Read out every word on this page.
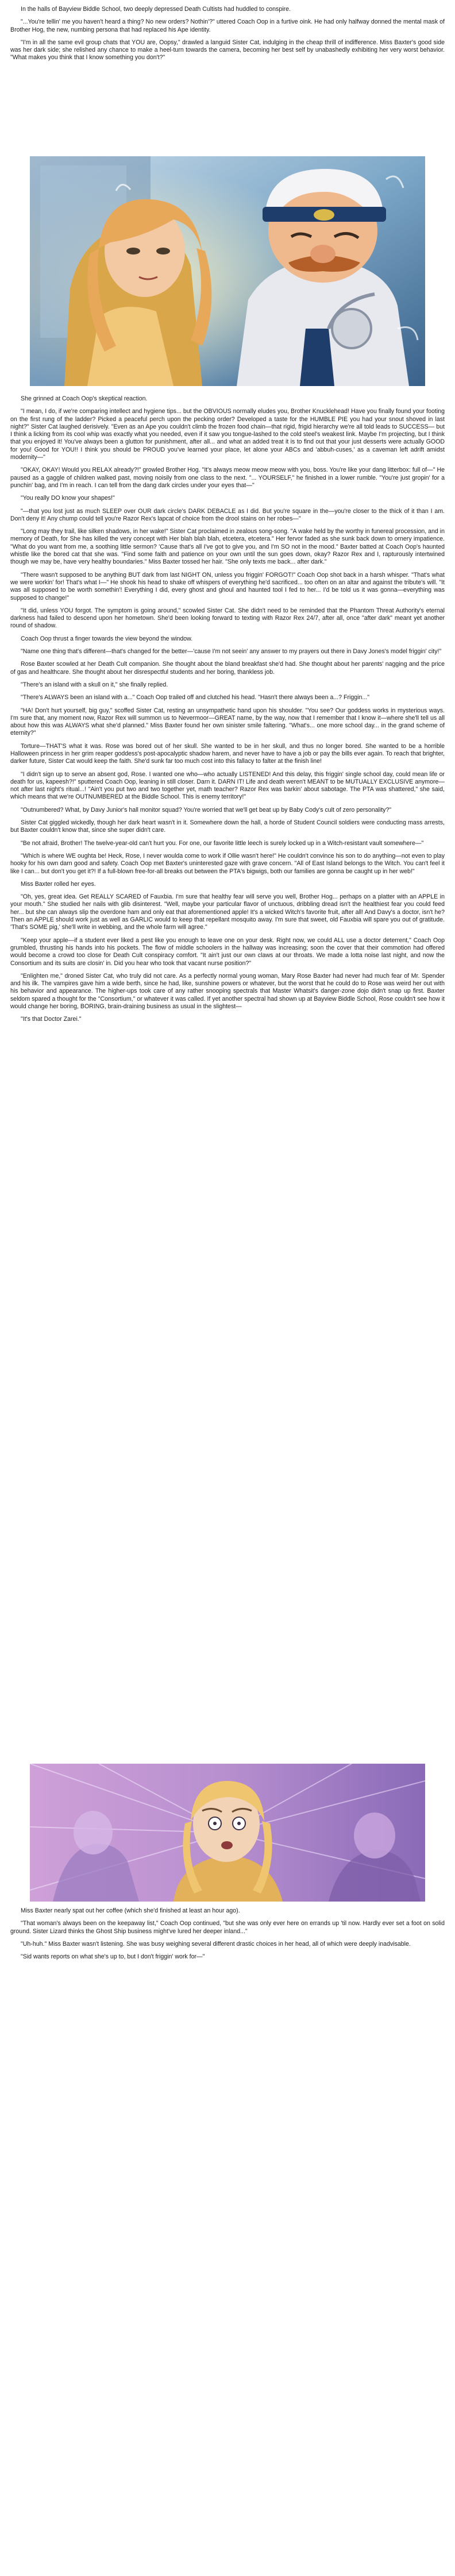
In the halls of Bayview Biddle School, two deeply depressed Death Cultists had huddled to conspire.

"...You're tellin' me you haven't heard a thing? No new orders? Nothin'?" uttered Coach Oop in a furtive oink. He had only halfway donned the mental mask of Brother Hog, the new, numbing persona that had replaced his Ape identity.

"I'm in all the same evil group chats that YOU are, Oopsy," drawled a languid Sister Cat, indulging in the cheap thrill of indifference. Miss Baxter's good side was her dark side; she relished any chance to make a heel-turn towards the camera, becoming her best self by unabashedly exhibiting her very worst behavior. "What makes you think that I know something you don't?"

She grinned at Coach Oop's skeptical reaction.

"I mean, I do, if we're comparing intellect and hygiene tips... but the OBVIOUS normally eludes you, Brother Knucklehead! Have you finally found your footing on the first rung of the ladder? Picked a peaceful perch upon the pecking order? Developed a taste for the HUMBLE PIE you had your snout shoved in last night?" Sister Cat laughed derisively. "Even as an Ape you couldn't climb the frozen food chain—that rigid, frigid hierarchy we're all told leads to SUCCESS— but I think a licking from its cool whip was exactly what you needed, even if it saw you tongue-lashed to the cold steel's weakest link. Maybe I'm projecting, but I think that you enjoyed it! You've always been a glutton for punishment, after all... and what an added treat it is to find out that your just desserts were actually GOOD for you! Good for YOU!! I think you should be PROUD you've learned your place, let alone your ABCs and 'abbuh-cuses,' as a caveman left adrift amidst modernity—"

"OKAY, OKAY! Would you RELAX already?!" growled Brother Hog. "It's always meow meow meow with you, boss. You're like your dang litterbox: full of—" He paused as a gaggle of children walked past, moving noisily from one class to the next. "... YOURSELF," he finished in a lower rumble. "You're just gropin' for a punchin' bag, and I'm in reach. I can tell from the dang dark circles under your eyes that—"

"You really DO know your shapes!"

"—that you lost just as much SLEEP over OUR dark circle's DARK DEBACLE as I did. But you're square in the—you're closer to the thick of it than I am. Don't deny it! Any chump could tell you're Razor Rex's lapcat of choice from the drool stains on her robes—"

"Long may they trail, like silken shadows, in her wake!" Sister Cat proclaimed in zealous song-song. "A wake held by the worthy in funereal procession, and in memory of Death, for She has killed the very concept with Her blah blah blah, etcetera, etcetera." Her fervor faded as she sunk back down to ornery impatience. "What do you want from me, a soothing little sermon? 'Cause that's all I've got to give you, and I'm SO not in the mood." Baxter batted at Coach Oop's haunted whistle like the bored cat that she was. "Find some faith and patience on your own until the sun goes down, okay? Razor Rex and I, rapturously intertwined though we may be, have very healthy boundaries." Miss Baxter tossed her hair. "She only texts me back... after dark."

"There wasn't supposed to be anything BUT dark from last NIGHT ON, unless you friggin' FORGOT!" Coach Oop shot back in a harsh whisper. "That's what we were workin' for! That's what I—" He shook his head to shake off whispers of everything he'd sacrificed... too often on an altar and against the tribute's will. "It was all supposed to be worth somethin'! Everything I did, every ghost and ghoul and haunted tool I fed to her... I'd be told us it was gonna—everything was supposed to change!"

"It did, unless YOU forgot. The symptom is going around," scowled Sister Cat. She didn't need to be reminded that the Phantom Threat Authority's eternal darkness had failed to descend upon her hometown. She'd been looking forward to texting with Razor Rex 24/7, after all, once "after dark" meant yet another round of shadow.

Coach Oop thrust a finger towards the view beyond the window.

"Name one thing that's different—that's changed for the better—'cause I'm not seein' any answer to my prayers out there in Davy Jones's model friggin' city!"

Rose Baxter scowled at her Death Cult companion. She thought about the bland breakfast she'd had. She thought about her parents' nagging and the price of gas and healthcare. She thought about her disrespectful students and her boring, thankless job.

"There's an island with a skull on it," she finally replied.

"There's ALWAYS been an island with a..." Coach Oop trailed off and clutched his head. "Hasn't there always been a...? Friggin..."

"HA! Don't hurt yourself, big guy," scoffed Sister Cat, resting an unsympathetic hand upon his shoulder. "You see? Our goddess works in mysterious ways. I'm sure that, any moment now, Razor Rex will summon us to Nevermoor—GREAT name, by the way, now that I remember that I know it—where she'll tell us all about how this was ALWAYS what she'd planned." Miss Baxter found her own sinister smile faltering. "What's... one more school day... in the grand scheme of eternity?"

Torture—THAT'S what it was. Rose was bored out of her skull. She wanted to be in her skull, and thus no longer bored. She wanted to be a horrible Halloween princess in her grim reaper goddess's post-apocalyptic shadow harem, and never have to have a job or pay the bills ever again. To reach that brighter, darker future, Sister Cat would keep the faith. She'd sunk far too much cost into this fallacy to falter at the finish line!

"I didn't sign up to serve an absent god, Rose. I wanted one who—who actually LISTENED! And this delay, this friggin' single school day, could mean life or death for us, kapeesh?!" sputtered Coach Oop, leaning in still closer. Darn it. DARN IT! Life and death weren't MEANT to be MUTUALLY EXCLUSIVE anymore—not after last night's ritual...! "Ain't you put two and two together yet, math teacher? Razor Rex was barkin' about sabotage. The PTA was shattered," she said, which means that we're OUTNUMBERED at the Biddle School. This is enemy territory!"

"Outnumbered? What, by Davy Junior's hall monitor squad? You're worried that we'll get beat up by Baby Cody's cult of zero personality?"

Sister Cat giggled wickedly, though her dark heart wasn't in it. Somewhere down the hall, a horde of Student Council soldiers were conducting mass arrests, but Baxter couldn't know that, since she super didn't care.

"Be not afraid, Brother! The twelve-year-old can't hurt you. For one, our favorite little leech is surely locked up in a Witch-resistant vault somewhere—"

"Which is where WE oughta be! Heck, Rose, I never woulda come to work if Ollie wasn't here!" He couldn't convince his son to do anything—not even to play hooky for his own darn good and safety. Coach Oop met Baxter's uninterested gaze with grave concern. "All of East Island belongs to the Witch. You can't feel it like I can... but don't you get it?! If a full-blown free-for-all breaks out between the PTA's bigwigs, both our families are gonna be caught up in her web!"

Miss Baxter rolled her eyes.

"Oh, yes, great idea. Get REALLY SCARED of Fauxbia. I'm sure that healthy fear will serve you well, Brother Hog... perhaps on a platter with an APPLE in your mouth." She studied her nails with glib disinterest. "Well, maybe your particular flavor of unctuous, dribbling dread isn't the healthiest fear you could feed her... but she can always slip the overdone ham and only eat that aforementioned apple! It's a wicked Witch's favorite fruit, after all! And Davy's a doctor, isn't he? Then an APPLE should work just as well as GARLIC would to keep that repellant mosquito away. I'm sure that sweet, old Fauxbia will spare you out of gratitude. 'That's SOME pig,' she'll write in webbing, and the whole farm will agree."

"Keep your apple—if a student ever liked a pest like you enough to leave one on your desk. Right now, we could ALL use a doctor deterrent," Coach Oop grumbled, thrusting his hands into his pockets. The flow of middle schoolers in the hallway was increasing; soon the cover that their commotion had offered would become a crowd too close for Death Cult conspiracy comfort. "It ain't just our own claws at our throats. We made a lotta noise last night, and now the Consortium and its suits are closin' in. Did you hear who took that vacant nurse position?"

"Enlighten me," droned Sister Cat, who truly did not care. As a perfectly normal young woman, Mary Rose Baxter had never had much fear of Mr. Spender and his ilk. The vampires gave him a wide berth, since he had, like, sunshine powers or whatever, but the worst that he could do to Rose was weird her out with his behavior and appearance. The higher-ups took care of any rather snooping spectrals that Master Whatsit's danger-zone dojo didn't snap up first. Baxter seldom spared a thought for the "Consortium," or whatever it was called. If yet another spectral had shown up at Bayview Biddle School, Rose couldn't see how it would change her boring, BORING, brain-draining business as usual in the slightest—

"It's that Doctor Zarei."

Miss Baxter nearly spat out her coffee (which she'd finished at least an hour ago).

"That woman's always been on the keepaway list," Coach Oop continued, "but she was only ever here on errands up 'til now. Hardly ever set a foot on solid ground. Sister Lizard thinks the Ghost Ship business might've lured her deeper inland..."

"Uh-huh." Miss Baxter wasn't listening. She was busy weighing several different drastic choices in her head, all of which were deeply inadvisable.

"Sid wants reports on what she's up to, but I don't friggin' work for—"
